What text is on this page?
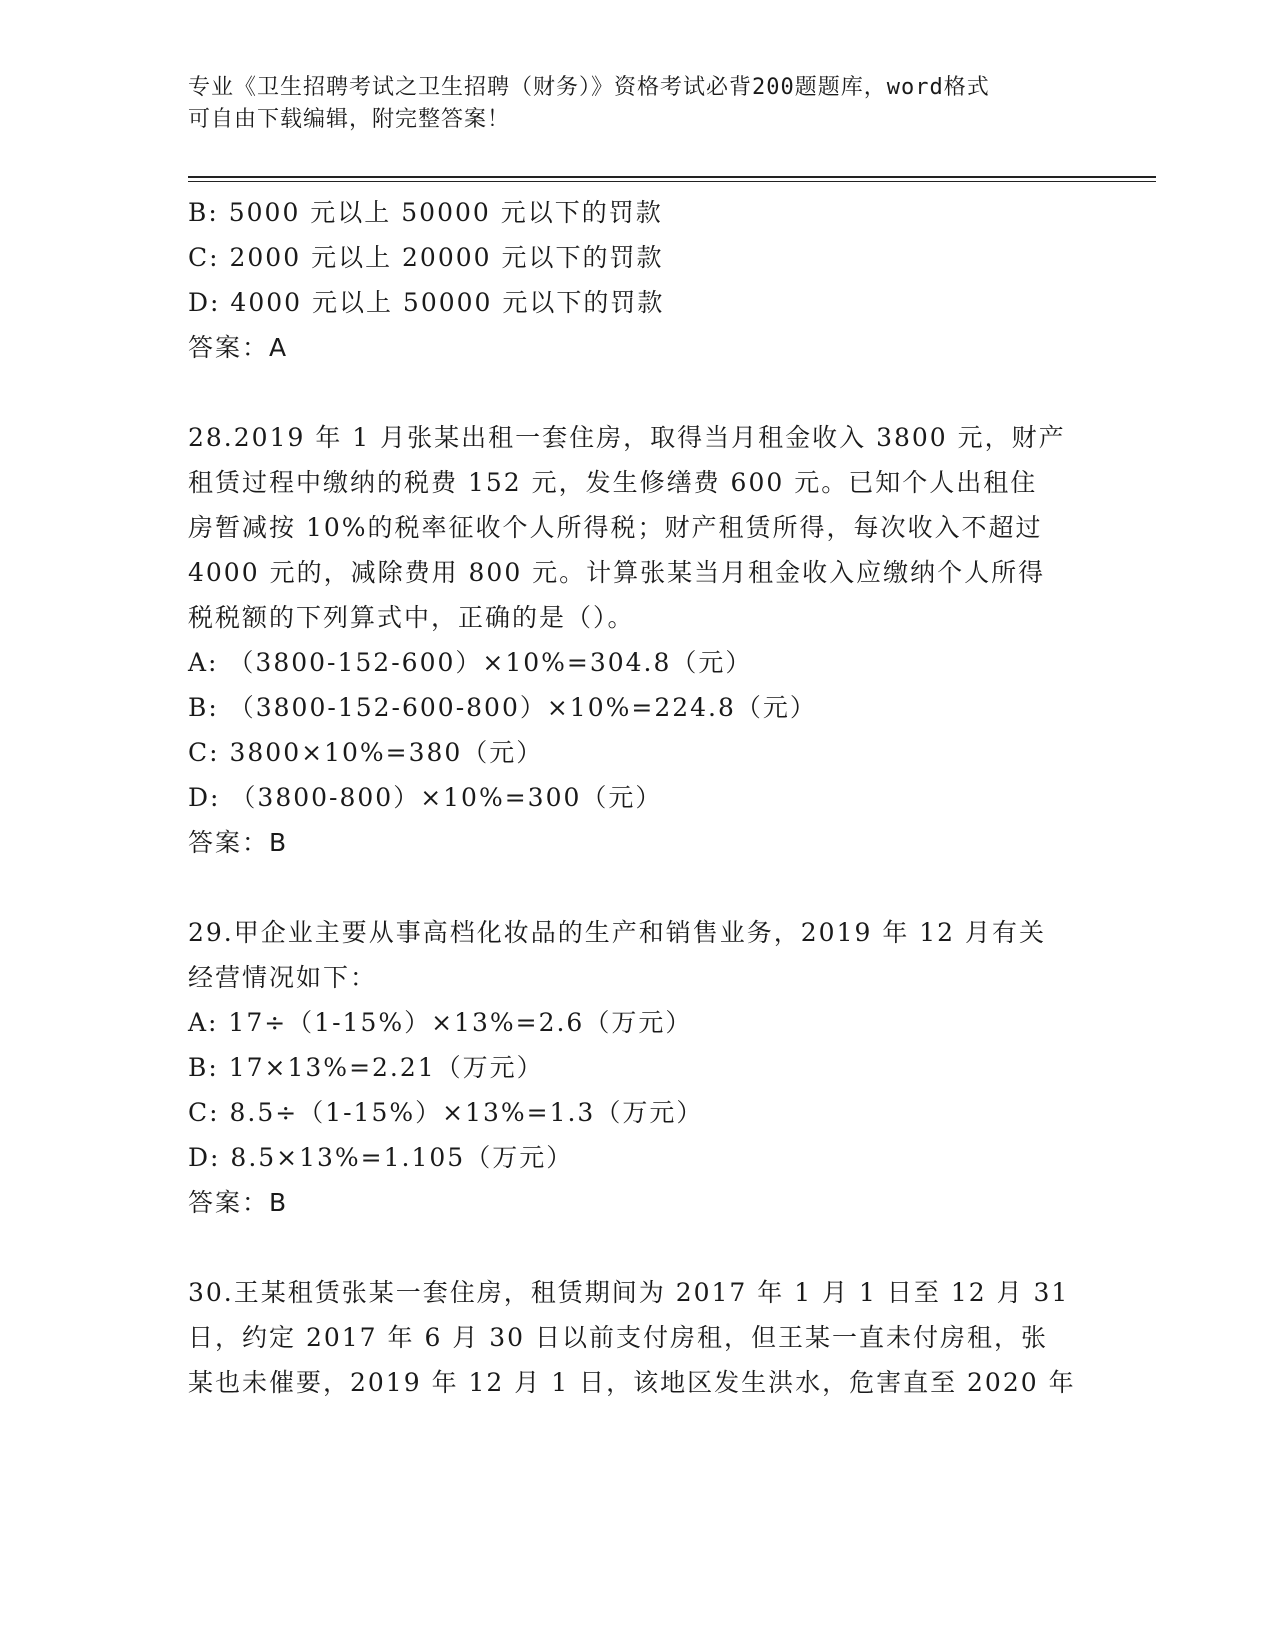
专业《卫生招聘考试之卫生招聘（财务）》资格考试必背200题题库，word格式
可自由下载编辑，附完整答案！
B: 5000 元以上 50000 元以下的罚款
C: 2000 元以上 20000 元以下的罚款
D: 4000 元以上 50000 元以下的罚款
答案：A
28.2019 年 1 月张某出租一套住房，取得当月租金收入 3800 元，财产
租赁过程中缴纳的税费 152 元，发生修缮费 600 元。已知个人出租住
房暂减按 10%的税率征收个人所得税；财产租赁所得，每次收入不超过
4000 元的，减除费用 800 元。计算张某当月租金收入应缴纳个人所得
税税额的下列算式中，正确的是（）。
A: （3800-152-600）×10%=304.8（元）
B: （3800-152-600-800）×10%=224.8（元）
C: 3800×10%=380（元）
D: （3800-800）×10%=300（元）
答案：B
29.甲企业主要从事高档化妆品的生产和销售业务，2019 年 12 月有关
经营情况如下：
A: 17÷（1-15%）×13%=2.6（万元）
B: 17×13%=2.21（万元）
C: 8.5÷（1-15%）×13%=1.3（万元）
D: 8.5×13%=1.105（万元）
答案：B
30.王某租赁张某一套住房，租赁期间为 2017 年 1 月 1 日至 12 月 31
日，约定 2017 年 6 月 30 日以前支付房租，但王某一直未付房租，张
某也未催要，2019 年 12 月 1 日，该地区发生洪水，危害直至 2020 年
